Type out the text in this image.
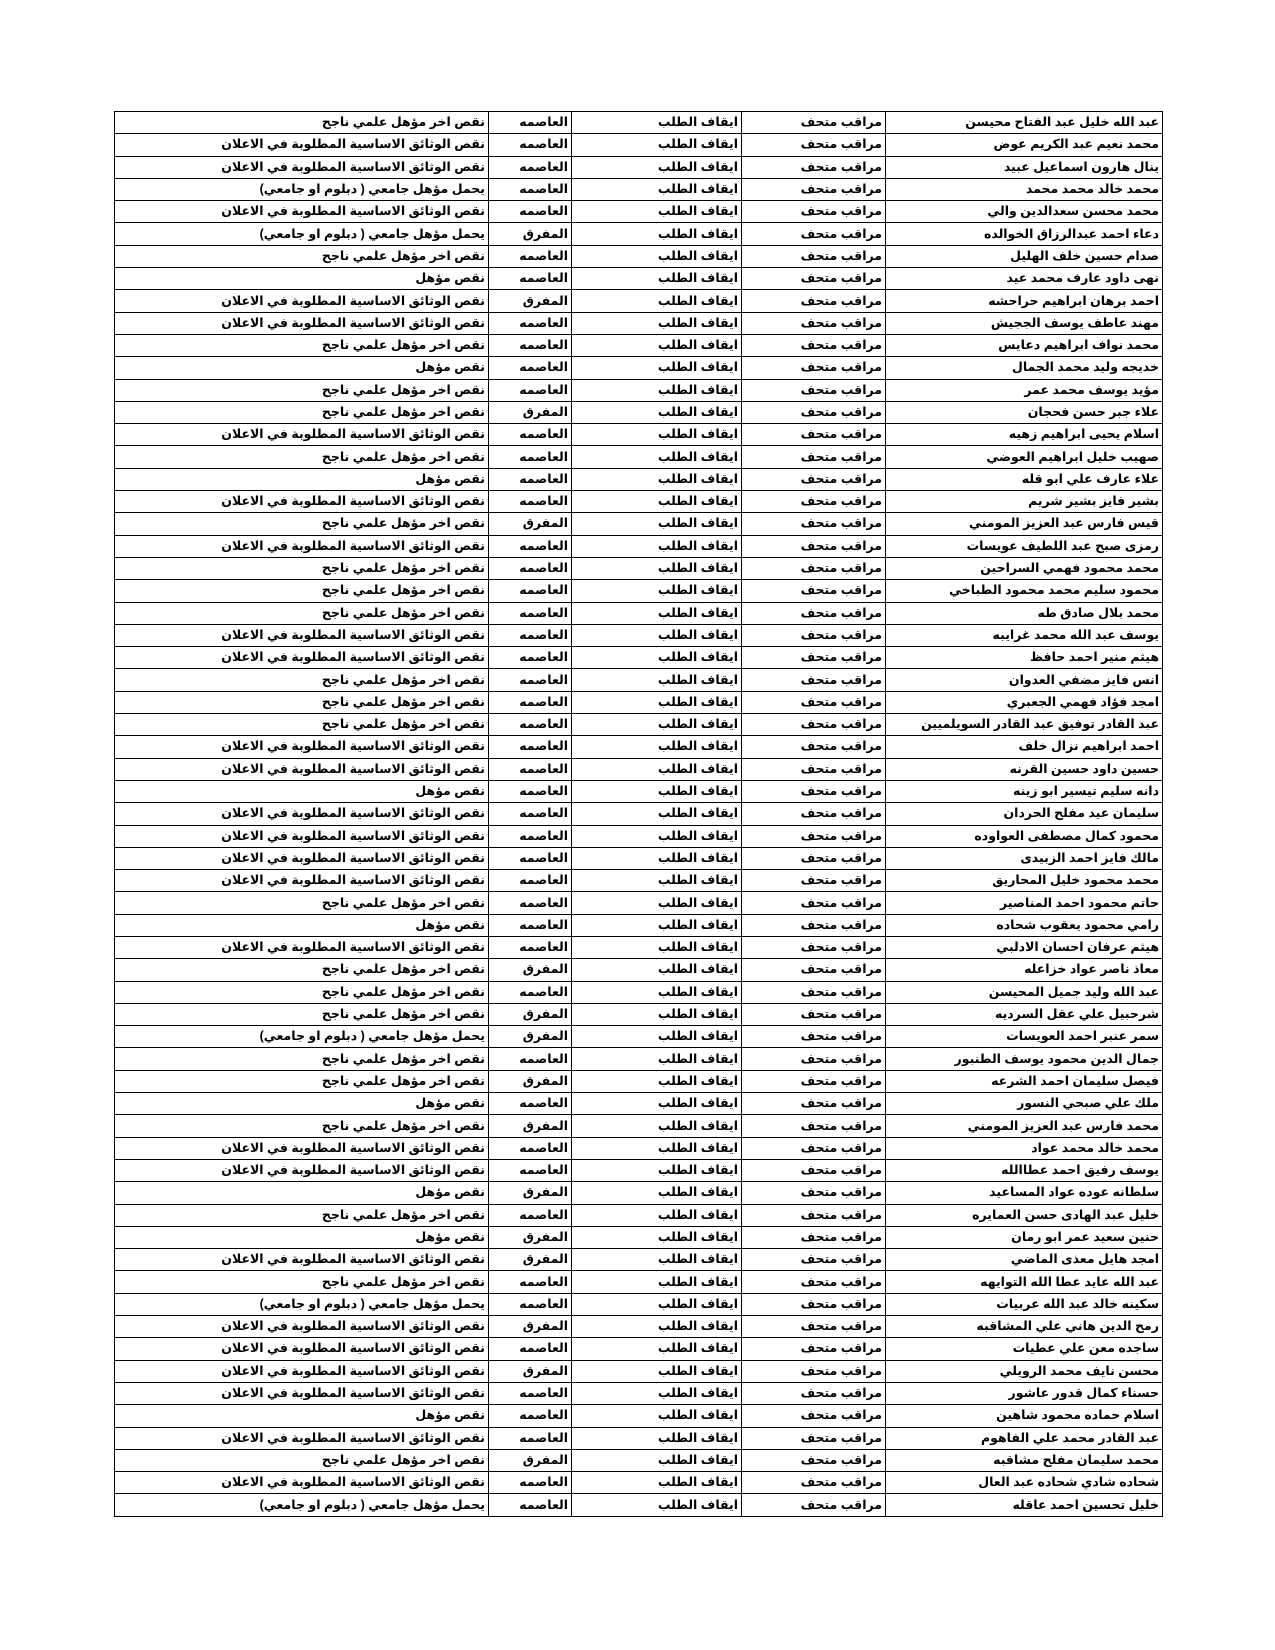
نقص اخر مؤهل علمي ناجح	العاصمه	ايقاف الطلب	مراقب متحف	عبد الله خليل عبد الفتاح محيسن
نقص الوثائق الاساسية المطلوبة في الاعلان	العاصمه	ايقاف الطلب	مراقب متحف	محمد نعيم عبد الكريم عوض
نقص الوثائق الاساسية المطلوبة في الاعلان	العاصمه	ايقاف الطلب	مراقب متحف	ينال هارون اسماعيل عبيد
يحمل مؤهل جامعي ( دبلوم او جامعي)	العاصمه	ايقاف الطلب	مراقب متحف	محمد خالد محمد محمد
نقص الوثائق الاساسية المطلوبة في الاعلان	العاصمه	ايقاف الطلب	مراقب متحف	محمد محسن سعدالدين والي
يحمل مؤهل جامعي ( دبلوم او جامعي)	المفرق	ايقاف الطلب	مراقب متحف	دعاء احمد عبدالرزاق الخوالده
نقص اخر مؤهل علمي ناجح	العاصمه	ايقاف الطلب	مراقب متحف	صدام حسين خلف الهليل
نقص مؤهل	العاصمه	ايقاف الطلب	مراقب متحف	نهى داود عارف محمد عيد
نقص الوثائق الاساسية المطلوبة في الاعلان	المفرق	ايقاف الطلب	مراقب متحف	احمد برهان ابراهيم حراحشه
نقص الوثائق الاساسية المطلوبة في الاعلان	العاصمه	ايقاف الطلب	مراقب متحف	مهند عاطف يوسف الججيش
نقص اخر مؤهل علمي ناجح	العاصمه	ايقاف الطلب	مراقب متحف	محمد نواف ابراهيم دعايس
نقص مؤهل	العاصمه	ايقاف الطلب	مراقب متحف	خديجه وليد محمد الجمال
نقص اخر مؤهل علمي ناجح	العاصمه	ايقاف الطلب	مراقب متحف	مؤيد يوسف محمد عمر
نقص اخر مؤهل علمي ناجح	المفرق	ايقاف الطلب	مراقب متحف	علاء جبر حسن فحجان
نقص الوثائق الاساسية المطلوبة في الاعلان	العاصمه	ايقاف الطلب	مراقب متحف	اسلام يحيى ابراهيم زهيه
نقص اخر مؤهل علمي ناجح	العاصمه	ايقاف الطلب	مراقب متحف	صهيب خليل ابراهيم العوضي
نقص مؤهل	العاصمه	ايقاف الطلب	مراقب متحف	علاء عارف علي ابو قله
نقص الوثائق الاساسية المطلوبة في الاعلان	العاصمه	ايقاف الطلب	مراقب متحف	بشير فايز بشير شريم
نقص اخر مؤهل علمي ناجح	المفرق	ايقاف الطلب	مراقب متحف	قيس فارس عبد العزيز المومني
نقص الوثائق الاساسية المطلوبة في الاعلان	العاصمه	ايقاف الطلب	مراقب متحف	رمزى صبح عبد اللطيف عويسات
نقص اخر مؤهل علمي ناجح	العاصمه	ايقاف الطلب	مراقب متحف	محمد محمود فهمي السراحين
نقص اخر مؤهل علمي ناجح	العاصمه	ايقاف الطلب	مراقب متحف	محمود سليم محمد محمود الطباخي
نقص اخر مؤهل علمي ناجح	العاصمه	ايقاف الطلب	مراقب متحف	محمد بلال صادق طه
نقص الوثائق الاساسية المطلوبة في الاعلان	العاصمه	ايقاف الطلب	مراقب متحف	يوسف عبد الله محمد غرايبه
نقص الوثائق الاساسية المطلوبة في الاعلان	العاصمه	ايقاف الطلب	مراقب متحف	هيثم منير احمد حافظ
نقص اخر مؤهل علمي ناجح	العاصمه	ايقاف الطلب	مراقب متحف	انس فايز مضفي العدوان
نقص اخر مؤهل علمي ناجح	العاصمه	ايقاف الطلب	مراقب متحف	امجد فؤاد فهمي الجعبري
نقص اخر مؤهل علمي ناجح	العاصمه	ايقاف الطلب	مراقب متحف	عبد القادر توفيق عبد القادر السويلميين
نقص الوثائق الاساسية المطلوبة في الاعلان	العاصمه	ايقاف الطلب	مراقب متحف	احمد ابراهيم نزال خلف
نقص الوثائق الاساسية المطلوبة في الاعلان	العاصمه	ايقاف الطلب	مراقب متحف	حسين داود حسين القرنه
نقص مؤهل	العاصمه	ايقاف الطلب	مراقب متحف	دانه سليم تيسير ابو زينه
نقص الوثائق الاساسية المطلوبة في الاعلان	العاصمه	ايقاف الطلب	مراقب متحف	سليمان عيد مفلح الحردان
نقص الوثائق الاساسية المطلوبة في الاعلان	العاصمه	ايقاف الطلب	مراقب متحف	محمود كمال مصطفى العواوده
نقص الوثائق الاساسية المطلوبة في الاعلان	العاصمه	ايقاف الطلب	مراقب متحف	مالك فايز احمد الزبيدى
نقص الوثائق الاساسية المطلوبة في الاعلان	العاصمه	ايقاف الطلب	مراقب متحف	محمد محمود خليل المحاريق
نقص اخر مؤهل علمي ناجح	العاصمه	ايقاف الطلب	مراقب متحف	حاتم محمود احمد المناصير
نقص مؤهل	العاصمه	ايقاف الطلب	مراقب متحف	رامي محمود يعقوب شحاده
نقص الوثائق الاساسية المطلوبة في الاعلان	العاصمه	ايقاف الطلب	مراقب متحف	هيثم عرفان احسان الادلبي
نقص اخر مؤهل علمي ناجح	المفرق	ايقاف الطلب	مراقب متحف	معاذ ناصر عواد خزاعله
نقص اخر مؤهل علمي ناجح	العاصمه	ايقاف الطلب	مراقب متحف	عبد الله وليد جميل المحيسن
نقص اخر مؤهل علمي ناجح	المفرق	ايقاف الطلب	مراقب متحف	شرحبيل علي عقل السرديه
يحمل مؤهل جامعي ( دبلوم او جامعي)	المفرق	ايقاف الطلب	مراقب متحف	سمر عنبر احمد العويسات
نقص اخر مؤهل علمي ناجح	العاصمه	ايقاف الطلب	مراقب متحف	جمال الدين محمود يوسف الطنبور
نقص اخر مؤهل علمي ناجح	المفرق	ايقاف الطلب	مراقب متحف	فيصل سليمان احمد الشرعه
نقص مؤهل	العاصمه	ايقاف الطلب	مراقب متحف	ملك علي صبحي النسور
نقص اخر مؤهل علمي ناجح	المفرق	ايقاف الطلب	مراقب متحف	محمد فارس عبد العزيز المومني
نقص الوثائق الاساسية المطلوبة في الاعلان	العاصمه	ايقاف الطلب	مراقب متحف	محمد خالد محمد عواد
نقص الوثائق الاساسية المطلوبة في الاعلان	العاصمه	ايقاف الطلب	مراقب متحف	يوسف رفيق احمد عطاالله
نقص مؤهل	المفرق	ايقاف الطلب	مراقب متحف	سلطانه عوده عواد المساعيد
نقص اخر مؤهل علمي ناجح	العاصمه	ايقاف الطلب	مراقب متحف	خليل عبد الهادى حسن العمايره
نقص مؤهل	المفرق	ايقاف الطلب	مراقب متحف	حنين سعيد عمر ابو رمان
نقص الوثائق الاساسية المطلوبة في الاعلان	المفرق	ايقاف الطلب	مراقب متحف	امجد هايل معذى الماضي
نقص اخر مؤهل علمي ناجح	العاصمه	ايقاف الطلب	مراقب متحف	عبد الله عايد عطا الله التوايهه
يحمل مؤهل جامعي ( دبلوم او جامعي)	العاصمه	ايقاف الطلب	مراقب متحف	سكينه خالد عبد الله عربيات
نقص الوثائق الاساسية المطلوبة في الاعلان	المفرق	ايقاف الطلب	مراقب متحف	رمح الدين هاني علي المشاقبه
نقص الوثائق الاساسية المطلوبة في الاعلان	العاصمه	ايقاف الطلب	مراقب متحف	ساجده معن علي عطيات
نقص الوثائق الاساسية المطلوبة في الاعلان	المفرق	ايقاف الطلب	مراقب متحف	محسن نايف محمد الرويلي
نقص الوثائق الاساسية المطلوبة في الاعلان	العاصمه	ايقاف الطلب	مراقب متحف	حسناء كمال قدور عاشور
نقص مؤهل	العاصمه	ايقاف الطلب	مراقب متحف	اسلام حماده محمود شاهين
نقص الوثائق الاساسية المطلوبة في الاعلان	العاصمه	ايقاف الطلب	مراقب متحف	عبد القادر محمد علي الفاهوم
نقص اخر مؤهل علمي ناجح	المفرق	ايقاف الطلب	مراقب متحف	محمد سليمان مفلح مشاقبه
نقص الوثائق الاساسية المطلوبة في الاعلان	العاصمه	ايقاف الطلب	مراقب متحف	شحاده شادي شحاده عبد العال
يحمل مؤهل جامعي ( دبلوم او جامعي)	العاصمه	ايقاف الطلب	مراقب متحف	خليل تحسين احمد عاقله
